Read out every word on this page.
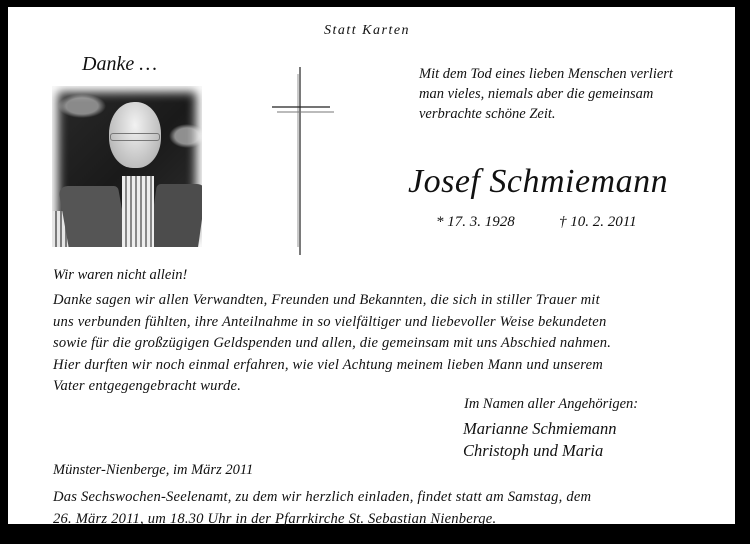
Statt Karten
Danke …	Mit dem Tod eines lieben Menschen verliert
man vieles, niemals aber die gemeinsam
verbrachte schöne Zeit.
Josef Schmiemann
* 17. 3. 1928	† 10. 2. 2011
Wir waren nicht allein!
Danke sagen wir allen Verwandten, Freunden und Bekannten, die sich in stiller Trauer mit
uns verbunden fühlten, ihre Anteilnahme in so vielfältiger und liebevoller Weise bekundeten
sowie für die großzügigen Geldspenden und allen, die gemeinsam mit uns Abschied nahmen.
Hier durften wir noch einmal erfahren, wie viel Achtung meinem lieben Mann und unserem
Vater entgegengebracht wurde.
Im Namen aller Angehörigen:
Marianne Schmiemann
Christoph und Maria
Münster-Nienberge, im März 2011
Das Sechswochen-Seelenamt, zu dem wir herzlich einladen, findet statt am Samstag, dem
26. März 2011, um 18.30 Uhr in der Pfarrkirche St. Sebastian Nienberge.
